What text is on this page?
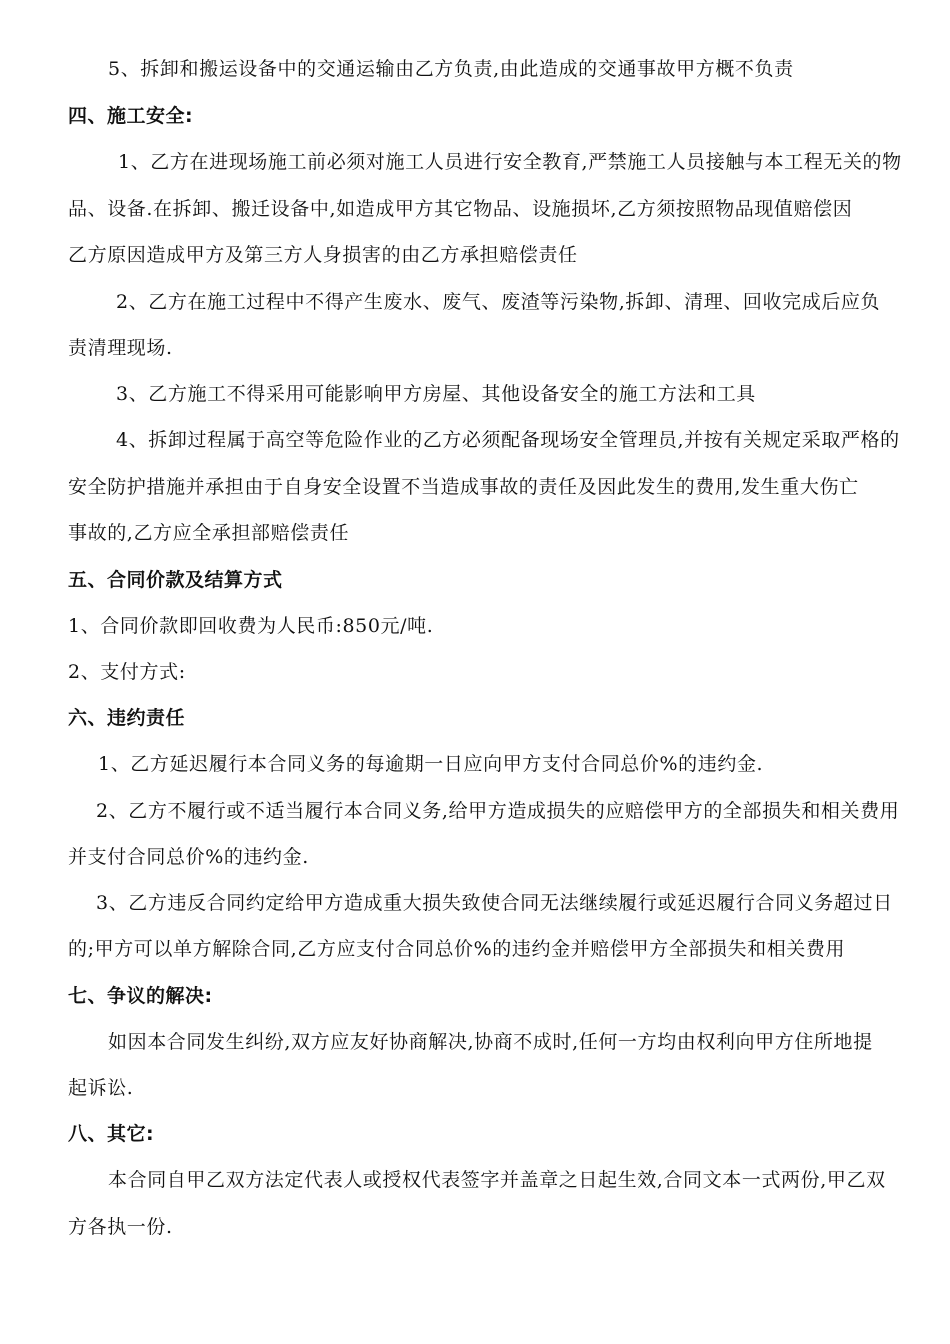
5、拆卸和搬运设备中的交通运输由乙方负责,由此造成的交通事故甲方概不负责
四、施工安全:
1、乙方在进现场施工前必须对施工人员进行安全教育,严禁施工人员接触与本工程无关的物
品、设备.在拆卸、搬迁设备中,如造成甲方其它物品、设施损坏,乙方须按照物品现值赔偿因
乙方原因造成甲方及第三方人身损害的由乙方承担赔偿责任
2、乙方在施工过程中不得产生废水、废气、废渣等污染物,拆卸、清理、回收完成后应负
责清理现场.
3、乙方施工不得采用可能影响甲方房屋、其他设备安全的施工方法和工具
4、拆卸过程属于高空等危险作业的乙方必须配备现场安全管理员,并按有关规定采取严格的
安全防护措施并承担由于自身安全设置不当造成事故的责任及因此发生的费用,发生重大伤亡
事故的,乙方应全承担部赔偿责任
五、合同价款及结算方式
1、合同价款即回收费为人民币:850元/吨.
2、支付方式:
六、违约责任
1、乙方延迟履行本合同义务的每逾期一日应向甲方支付合同总价%的违约金.
2、乙方不履行或不适当履行本合同义务,给甲方造成损失的应赔偿甲方的全部损失和相关费用
并支付合同总价%的违约金.
3、乙方违反合同约定给甲方造成重大损失致使合同无法继续履行或延迟履行合同义务超过日
的;甲方可以单方解除合同,乙方应支付合同总价%的违约金并赔偿甲方全部损失和相关费用
七、争议的解决:
如因本合同发生纠纷,双方应友好协商解决,协商不成时,任何一方均由权利向甲方住所地提
起诉讼.
八、其它:
本合同自甲乙双方法定代表人或授权代表签字并盖章之日起生效,合同文本一式两份,甲乙双
方各执一份.
